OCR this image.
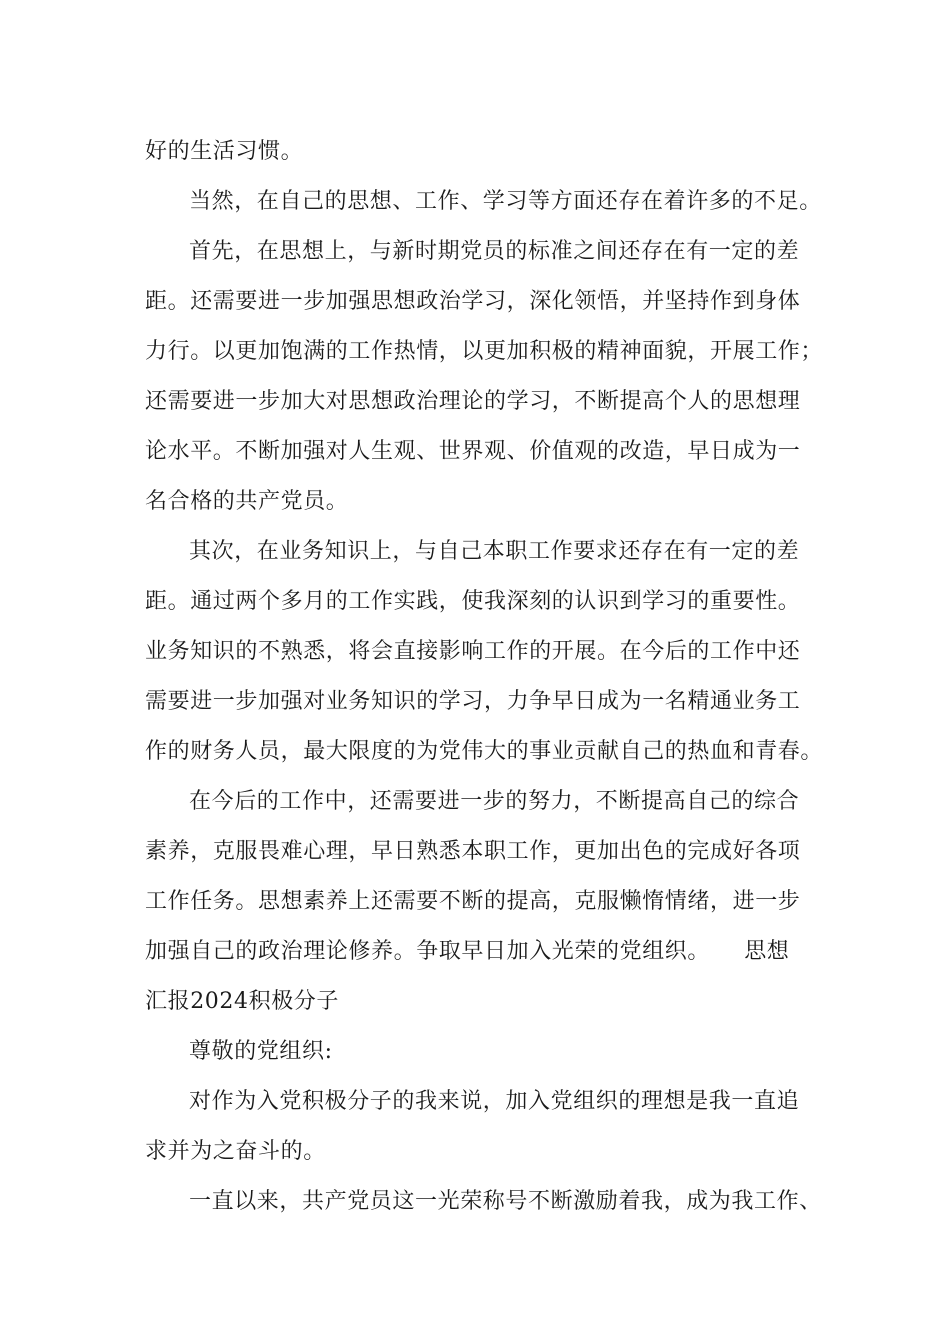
好的生活习惯。
当然，在自己的思想、工作、学习等方面还存在着许多的不足。
首先，在思想上，与新时期党员的标准之间还存在有一定的差
距。还需要进一步加强思想政治学习，深化领悟，并坚持作到身体
力行。以更加饱满的工作热情，以更加积极的精神面貌，开展工作；
还需要进一步加大对思想政治理论的学习，不断提高个人的思想理
论水平。不断加强对人生观、世界观、价值观的改造，早日成为一
名合格的共产党员。
其次，在业务知识上，与自己本职工作要求还存在有一定的差
距。通过两个多月的工作实践，使我深刻的认识到学习的重要性。
业务知识的不熟悉，将会直接影响工作的开展。在今后的工作中还
需要进一步加强对业务知识的学习，力争早日成为一名精通业务工
作的财务人员，最大限度的为党伟大的事业贡献自己的热血和青春。
在今后的工作中，还需要进一步的努力，不断提高自己的综合
素养，克服畏难心理，早日熟悉本职工作，更加出色的完成好各项
工作任务。思想素养上还需要不断的提高，克服懒惰情绪，进一步
加强自己的政治理论修养。争取早日加入光荣的党组织。　　思想
汇报2024积极分子
尊敬的党组织:
对作为入党积极分子的我来说，加入党组织的理想是我一直追
求并为之奋斗的。
一直以来，共产党员这一光荣称号不断激励着我，成为我工作、
